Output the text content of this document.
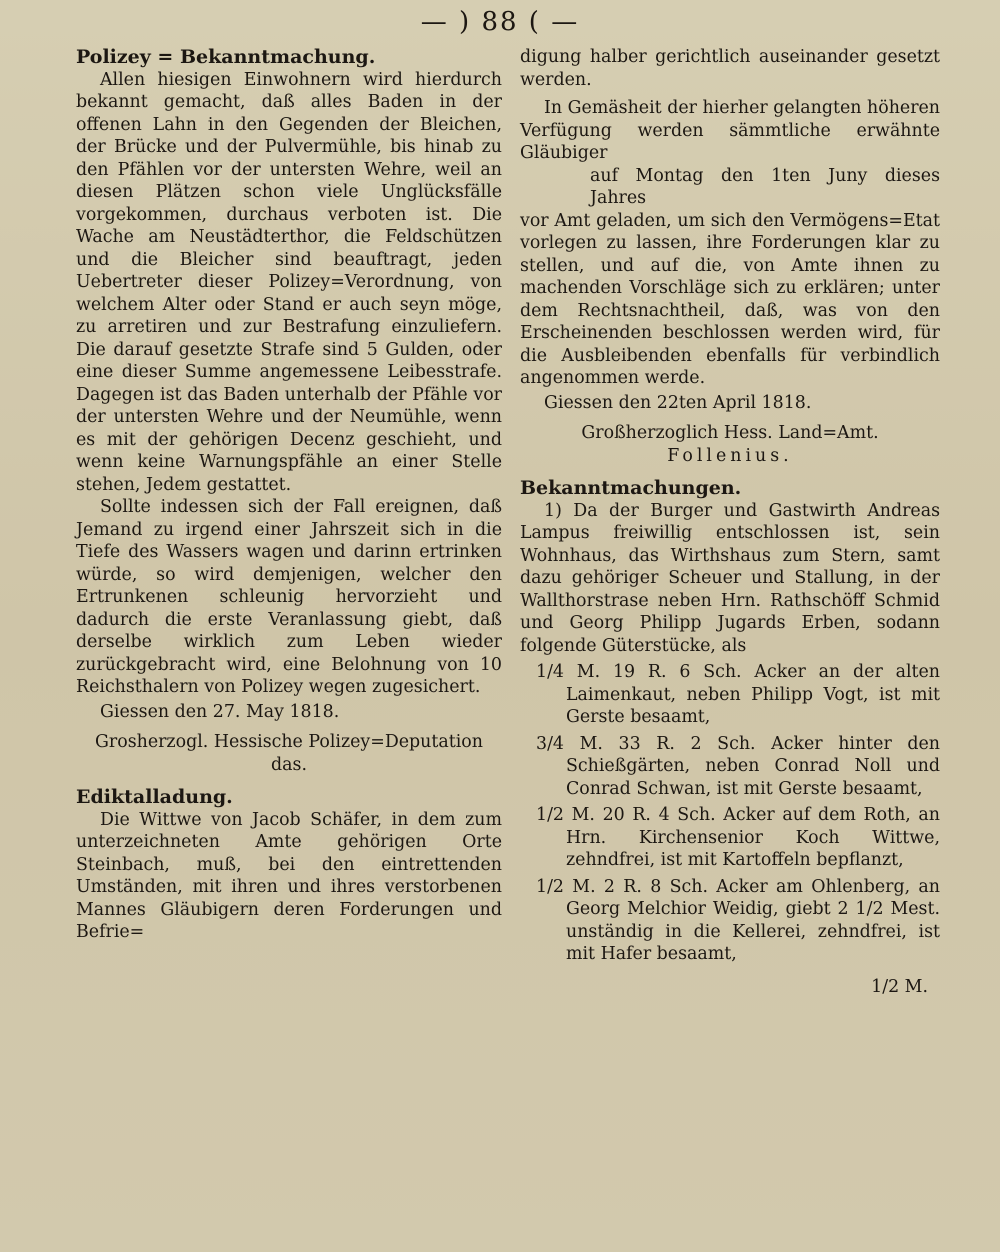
— ) 88 ( —

Polizey = Bekanntmachung.

Allen hiesigen Einwohnern wird hierdurch bekannt gemacht, daß alles Baden in der offenen Lahn in den Gegenden der Bleichen, der Brücke und der Pulvermühle, bis hinab zu den Pfählen vor der untersten Wehre, weil an diesen Plätzen schon viele Unglücksfälle vorgekommen, durchaus verboten ist. Die Wache am Neustädterthor, die Feldschützen und die Bleicher sind beauftragt, jeden Uebertreter dieser Polizey=Verordnung, von welchem Alter oder Stand er auch seyn möge, zu arretiren und zur Bestrafung einzuliefern. Die darauf gesetzte Strafe sind 5 Gulden, oder eine dieser Summe angemessene Leibesstrafe. Dagegen ist das Baden unterhalb der Pfähle vor der untersten Wehre und der Neumühle, wenn es mit der gehörigen Decenz geschieht, und wenn keine Warnungspfähle an einer Stelle stehen, Jedem gestattet.

Sollte indessen sich der Fall ereignen, daß Jemand zu irgend einer Jahrszeit sich in die Tiefe des Wassers wagen und darinn ertrinken würde, so wird demjenigen, welcher den Ertrunkenen schleunig hervorzieht und dadurch die erste Veranlassung giebt, daß derselbe wirklich zum Leben wieder zurückgebracht wird, eine Belohnung von 10 Reichsthalern von Polizey wegen zugesichert.

Giessen den 27. May 1818.

Grosherzogl. Hessische Polizey=Deputation das.

Ediktalladung.

Die Wittwe von Jacob Schäfer, in dem zum unterzeichneten Amte gehörigen Orte Steinbach, muß, bei den eintrettenden Umständen, mit ihren und ihres verstorbenen Mannes Gläubigern deren Forderungen und Befrie=

digung halber gerichtlich auseinander gesetzt werden.

In Gemäsheit der hierher gelangten höheren Verfügung werden sämmtliche erwähnte Gläubiger

auf Montag den 1ten Juny dieses Jahres

vor Amt geladen, um sich den Vermögens=Etat vorlegen zu lassen, ihre Forderungen klar zu stellen, und auf die, von Amte ihnen zu machenden Vorschläge sich zu erklären; unter dem Rechtsnachtheil, daß, was von den Erscheinenden beschlossen werden wird, für die Ausbleibenden ebenfalls für verbindlich angenommen werde.

Giessen den 22ten April 1818.

Großherzoglich Hess. Land=Amt.

Follenius.

Bekanntmachungen.

1) Da der Burger und Gastwirth Andreas Lampus freiwillig entschlossen ist, sein Wohnhaus, das Wirthshaus zum Stern, samt dazu gehöriger Scheuer und Stallung, in der Wallthorstrase neben Hrn. Rathschöff Schmid und Georg Philipp Jugards Erben, sodann folgende Güterstücke, als

1/4 M. 19 R. 6 Sch. Acker an der alten Laimenkaut, neben Philipp Vogt, ist mit Gerste besaamt,

3/4 M. 33 R. 2 Sch. Acker hinter den Schießgärten, neben Conrad Noll und Conrad Schwan, ist mit Gerste besaamt,

1/2 M. 20 R. 4 Sch. Acker auf dem Roth, an Hrn. Kirchensenior Koch Wittwe, zehndfrei, ist mit Kartoffeln bepflanzt,

1/2 M. 2 R. 8 Sch. Acker am Ohlenberg, an Georg Melchior Weidig, giebt 2 1/2 Mest. unständig in die Kellerei, zehndfrei, ist mit Hafer besaamt,

1/2 M.
